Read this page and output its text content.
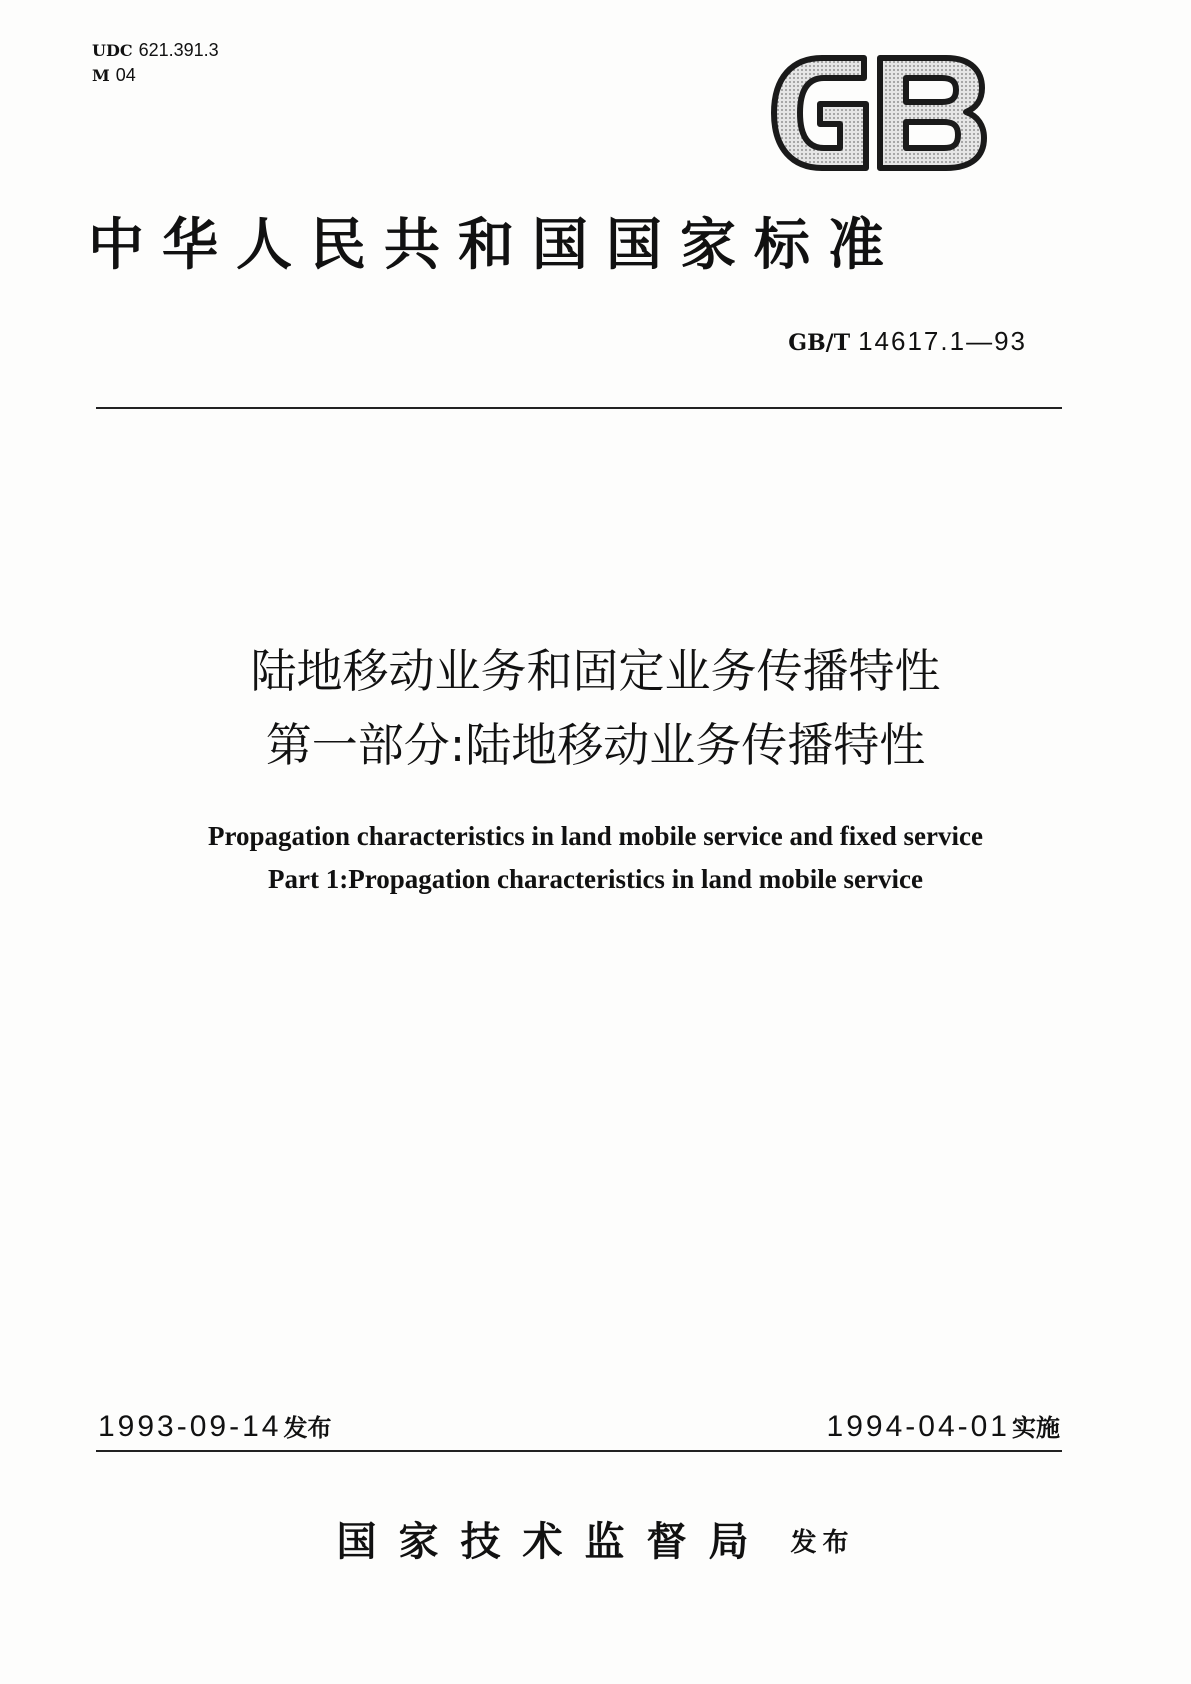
UDC 621.391.3
M 04
中华人民共和国国家标准
GB/T 14617.1—93
陆地移动业务和固定业务传播特性
第一部分:陆地移动业务传播特性
Propagation characteristics in land mobile service and fixed service
Part 1:Propagation characteristics in land mobile service
1993-09-14发布	1994-04-01实施
国家技术监督局 发布
